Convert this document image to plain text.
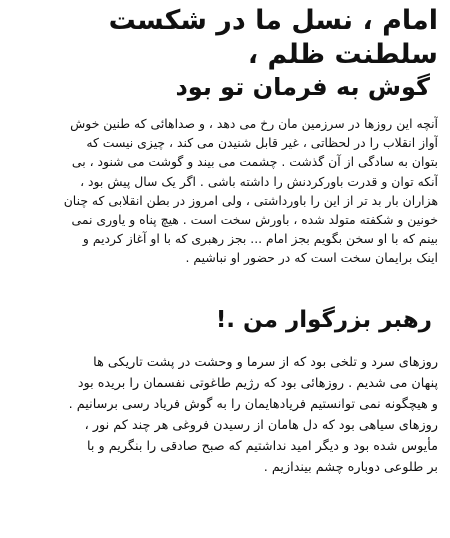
امام ، نسل ما در شکست سلطنت ظلم ،
گوش به فرمان تو بود
آنچه این روزها در سرزمین مان رخ می دهد ، و صداهائی که طنین خوش
آواز انقلاب را در لحظاتی ، غیر قابل شنیدن می کند ، چیزی نیست که
بتوان به سادگی از آن گذشت . چشمت می بیند و گوشت می شنود ، بی
آنکه توان و قدرت باورکردنش را داشته باشی . اگر یک سال پیش بود ،
هزاران بار بد تر از این را باورداشتی ، ولی امروز در بطن انقلابی که چنان
خونین و شکفته متولد شده ، باورش سخت است . هیچ پناه و یاوری نمی
بینم که با او سخن بگویم بجز امام ... بجز رهبری که با او آغاز کردیم و
اینک برایمان سخت است که در حضور او نباشیم .
رهبر بزرگوار من .!
روزهای سرد و تلخی بود که از سرما و وحشت در پشت تاریکی ها
پنهان می شدیم . روزهائی بود که رژیم طاغوتی نفسمان را بریده بود
و هیچگونه نمی توانستیم فریادهایمان را به گوش فریاد رسی برسانیم .
روزهای سیاهی بود که دل هامان از رسیدن فروغی هر چند کم نور ،
مأیوس شده بود و دیگر امید نداشتیم که صبح صادقی را بنگریم و با
بر طلوعی دوباره چشم بیندازیم .
